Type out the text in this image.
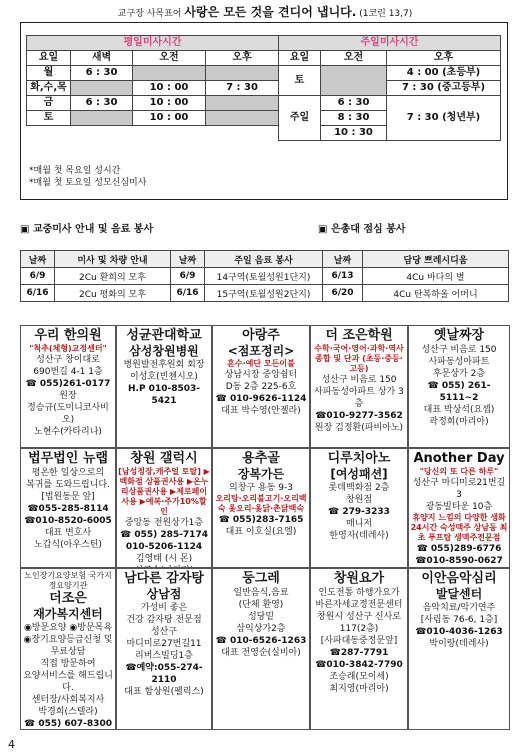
교구장 사목표어 사랑은 모든 것을 견디어 냅니다. (1코린 13,7)
평일미사시간				주일미사시간		
요일	새벽	오전	오후	요일	오전	오후
월	6 : 30			토		4 : 00 (초등부)
화,수,목		10 : 00	7 : 30			7 : 30 (중고등부)
금	6 : 30	10 : 00		주일	6 : 30	7 : 30 (청년부)
토		10 : 00			8 : 30	
					10 : 30	
*매월 첫 목요일 성시간
*매월 첫 토요일 성모신심미사
▣ 교중미사 안내 및 음료 봉사	▣ 은총대 점심 봉사
날짜	미사 및 차량 안내	날짜	주일 음료 봉사	날짜	담당 쁘레시디움
6/9	2Cu 환희의 모후	6/9	14구역(토월성원1단지)	6/13	4Cu 바다의 별
6/16	2Cu 평화의 모후	6/16	15구역(토월성원2단지)	6/20	4Cu 탄복하올 어머니
우리 한의원
"척추(체형)교정센터"
성산구 창이대로
690번길 4-1 1층
☎ 055)261-0177
원장
정승규(도미니코사비오)
노현수(카타리나)
성균관대학교
삼성창원병원
병원발전후원회 회장
이성호(빈첸시오)
H.P 010-8503-5421
아랑주
<점포정리>
혼수·예단 모든이불
상남시장 중앙쉼터
D동 2층 225-6호
☎ 010-9626-1124
대표 박수영(안젤라)
더 조은학원
수학·국어·영어·과학·역사 종합 및 단과 (초등·중등·고등)
성산구 비음로 150
사파동성아파트 상가 3층
☎010-9277-3562
원장 김정환(파비아노)
옛날짜장
성산구 비음로 150
사파동성아파트
후문상가 2층
☎ 055) 261-5111~2
대표 박상석(요셉)
곽정희(마리아)
법무법인 뉴랩
평온한 일상으로의
복귀를 도와드립니다.
[법원동문 앞]
☎055-285-8114
☎010-8520-6005
대표 변호사
노갑식(아우스틴)
창원 갤럭시
[남성정장,캐주얼 토탈] ▶백화점 상품권사용 ▶온누리상품권사용 ▶제로페이 사용 ▶예복·주가10%할인
중앙동 전원상가1층
☎ 055) 285-7174
010-5206-1124
김영태 (시 몬)
용추골
장복가든
의창구 용동 9-3
오리탕·오리불고기·오리백숙 옻오리·옻닭·촌닭백숙
☎ 055)283-7165
대표 이호실(요엘)
디루치아노
[여성패션]
롯데백화점 2층
창원점
☎ 279-3233
매니저
한영자(데레사)
Another Day
"당신의 또 다른 하루"
성산구 마디미로21번길3
광동빌타운 10층
휴양지 느낌의 다양한 생화 24시간 숙성맥주 상남동 최초 푸프탑 생맥주전문점
☎ 055)289-6776
☎010-8590-0627
노인장기요양보험 국가지정요양기관
더조은
재가복지센터
◉방문요양 ◉방문목욕
◉장기요양등급신청 및 무료상담
직접 방문하여
요양서비스를 해드립니다.
센터장/사회복지사
박경희(스텔라)
☎ 055) 607-8300
남다른 감자탕
상남점
가성비 좋은
건강 감자탕 전문점
성산구
마디미로27번길11
리버스빌딩1층
☎예약:055-274-2110
대표 함상원(펠릭스)
둥그레
일반음식,음료
(단체 환영)
성당밑
삼익상가2층
☎ 010-6526-1263
대표 전영순(실비아)
창원요가
인도전통 하행가요가
바른자세교정전문센터
창원시 성산구 신사로117(2층)
[사파대동중정문앞]
☎287-7791
☎010-3842-7790
조승래(모이세)
최지영(마리아)
이안음악심리
발달센터
음악치료/악기연주
[사림동 76-6, 1층]
☎010-4036-1263
박이랑(데레사)
4
